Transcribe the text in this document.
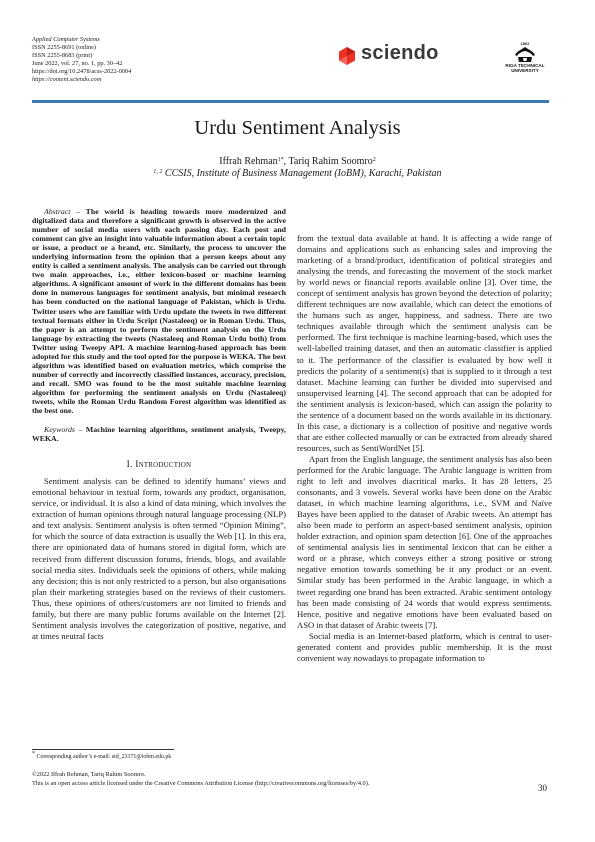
Applied Computer Systems
ISSN 2255-8691 (online)
ISSN 2255-8683 (print)
June 2022, vol. 27, no. 1, pp. 30–42
https://doi.org/10.2478/acss-2022-0004
https://content.sciendo.com
sciendo	1862
RIGA TECHNICAL
UNIVERSITY
Urdu Sentiment Analysis
Iffrah Rehman$^{1*}$, Tariq Rahim Soomro$^2$
$^{1, 2}$ CCSIS, Institute of Business Management (IoBM), Karachi, Pakistan

Abstract – The world is heading towards more modernized and digitalized data and therefore a significant growth is observed in the active number of social media users with each passing day. Each post and comment can give an insight into valuable information about a certain topic or issue, a product or a brand, etc. Similarly, the process to uncover the underlying information from the opinion that a person keeps about any entity is called a sentiment analysis. The analysis can be carried out through two main approaches, i.e., either lexicon-based or machine learning algorithms. A significant amount of work in the different domains has been done in numerous languages for sentiment analysis, but minimal research has been conducted on the national language of Pakistan, which is Urdu. Twitter users who are familiar with Urdu update the tweets in two different textual formats either in Urdu Script (Nastaleeq) or in Roman Urdu. Thus, the paper is an attempt to perform the sentiment analysis on the Urdu language by extracting the tweets (Nastaleeq and Roman Urdu both) from Twitter using Tweepy API. A machine learning-based approach has been adopted for this study and the tool opted for the purpose is WEKA. The best algorithm was identified based on evaluation metrics, which comprise the number of correctly and incorrectly classified instances, accuracy, precision, and recall. SMO was found to be the most suitable machine learning algorithm for performing the sentiment analysis on Urdu (Nastaleeq) tweets, while the Roman Urdu Random Forest algorithm was identified as the best one.

Keywords – Machine learning algorithms, sentiment analysis, Tweepy, WEKA.

I. Introduction

Sentiment analysis can be defined to identify humans’ views and emotional behaviour in textual form, towards any product, organisation, service, or individual. It is also a kind of data mining, which involves the extraction of human opinions through natural language processing (NLP) and text analysis. Sentiment analysis is often termed “Opinion Mining”, for which the source of data extraction is usually the Web [1]. In this era, there are opinionated data of humans stored in digital form, which are received from different discussion forums, friends, blogs, and available social media sites. Individuals seek the opinions of others, while making any decision; this is not only restricted to a person, but also organisations plan their marketing strategies based on the reviews of their customers. Thus, these opinions of others/customers are not limited to friends and family, but there are many public forums available on the Internet [2]. Sentiment analysis involves the categorization of positive, negative, and at times neutral facts

from the textual data available at hand. It is affecting a wide range of domains and applications such as enhancing sales and improving the marketing of a brand/product, identification of political strategies and analysing the trends, and forecasting the movement of the stock market by world news or financial reports available online [3]. Over time, the concept of sentiment analysis has grown beyond the detection of polarity; different techniques are now available, which can detect the emotions of the humans such as anger, happiness, and sadness. There are two techniques available through which the sentiment analysis can be performed. The first technique is machine learning-based, which uses the well-labelled training dataset, and then an automatic classifier is applied to it. The performance of the classifier is evaluated by how well it predicts the polarity of a sentiment(s) that is supplied to it through a test dataset. Machine learning can further be divided into supervised and unsupervised learning [4]. The second approach that can be adopted for the sentiment analysis is lexicon-based, which can assign the polarity to the sentence of a document based on the words available in its dictionary. In this case, a dictionary is a collection of positive and negative words that are either collected manually or can be extracted from already shared resources, such as SentiWordNet [5].

Apart from the English language, the sentiment analysis has also been performed for the Arabic language. The Arabic language is written from right to left and involves diacritical marks. It has 28 letters, 25 consonants, and 3 vowels. Several works have been done on the Arabic dataset, in which machine learning algorithms, i.e., SVM and Naïve Bayes have been applied to the dataset of Arabic tweets. An attempt has also been made to perform an aspect-based sentiment analysis, opinion holder extraction, and opinion spam detection [6]. One of the approaches of sentimental analysis lies in sentimental lexicon that can be either a word or a phrase, which conveys either a strong positive or strong negative emotion towards something be it any product or an event. Similar study has been performed in the Arabic language, in which a tweet regarding one brand has been extracted. Arabic sentiment ontology has been made consisting of 24 words that would express sentiments. Hence, positive and negative emotions have been evaluated based on ASO in that dataset of Arabic tweets [7].

Social media is an Internet-based platform, which is central to user-generated content and provides public membership. It is the most convenient way nowadays to propagate information to

* Corresponding author’s e-mail: std_23371@iobm.edu.pk
©2022 Iffrah Rehman, Tariq Rahim Soomro.
This is an open access article licensed under the Creative Commons Attribution License (http://creativecommons.org/licenses/by/4.0).	30
